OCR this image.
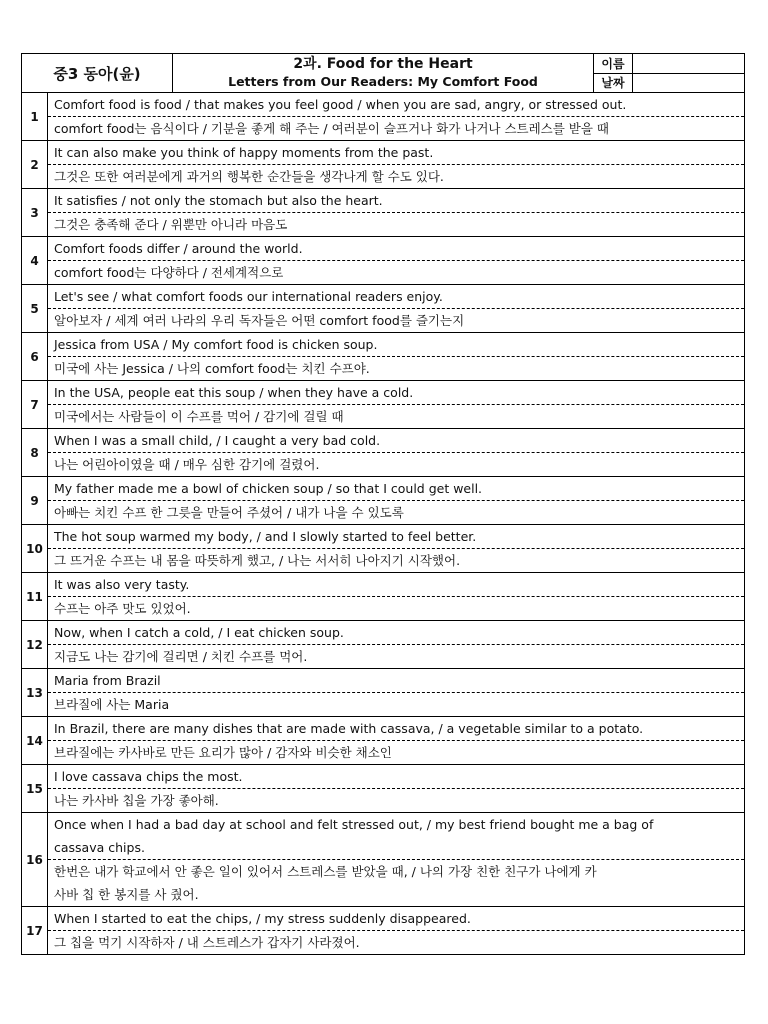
중3 동아(윤)
2과. Food for the Heart
Letters from Our Readers: My Comfort Food
이름
날짜
1
Comfort food is food / that makes you feel good / when you are sad, angry, or stressed out.
comfort food는 음식이다 / 기분을 좋게 해 주는 / 여러분이 슬프거나 화가 나거나 스트레스를 받을 때
2
It can also make you think of happy moments from the past.
그것은 또한 여러분에게 과거의 행복한 순간들을 생각나게 할 수도 있다.
3
It satisfies / not only the stomach but also the heart.
그것은 충족해 준다 / 위뿐만 아니라 마음도
4
Comfort foods differ / around the world.
comfort food는 다양하다 / 전세계적으로
5
Let's see / what comfort foods our international readers enjoy.
알아보자 / 세계 여러 나라의 우리 독자들은 어떤 comfort food를 즐기는지
6
Jessica from USA / My comfort food is chicken soup.
미국에 사는 Jessica / 나의 comfort food는 치킨 수프야.
7
In the USA, people eat this soup / when they have a cold.
미국에서는 사람들이 이 수프를 먹어 / 감기에 걸릴 때
8
When I was a small child, / I caught a very bad cold.
나는 어린아이였을 때 / 매우 심한 감기에 걸렸어.
9
My father made me a bowl of chicken soup / so that I could get well.
아빠는 치킨 수프 한 그릇을 만들어 주셨어 / 내가 나을 수 있도록
10
The hot soup warmed my body, / and I slowly started to feel better.
그 뜨거운 수프는 내 몸을 따뜻하게 했고, / 나는 서서히 나아지기 시작했어.
11
It was also very tasty.
수프는 아주 맛도 있었어.
12
Now, when I catch a cold, / I eat chicken soup.
지금도 나는 감기에 걸리면 / 치킨 수프를 먹어.
13
Maria from Brazil
브라질에 사는 Maria
14
In Brazil, there are many dishes that are made with cassava, / a vegetable similar to a potato.
브라질에는 카사바로 만든 요리가 많아 / 감자와 비슷한 채소인
15
I love cassava chips the most.
나는 카사바 칩을 가장 좋아해.
16
Once when I had a bad day at school and felt stressed out, / my best friend bought me a bag of
cassava chips.
한번은 내가 학교에서 안 좋은 일이 있어서 스트레스를 받았을 때, / 나의 가장 친한 친구가 나에게 카
사바 칩 한 봉지를 사 줬어.
17
When I started to eat the chips, / my stress suddenly disappeared.
그 칩을 먹기 시작하자 / 내 스트레스가 갑자기 사라졌어.
